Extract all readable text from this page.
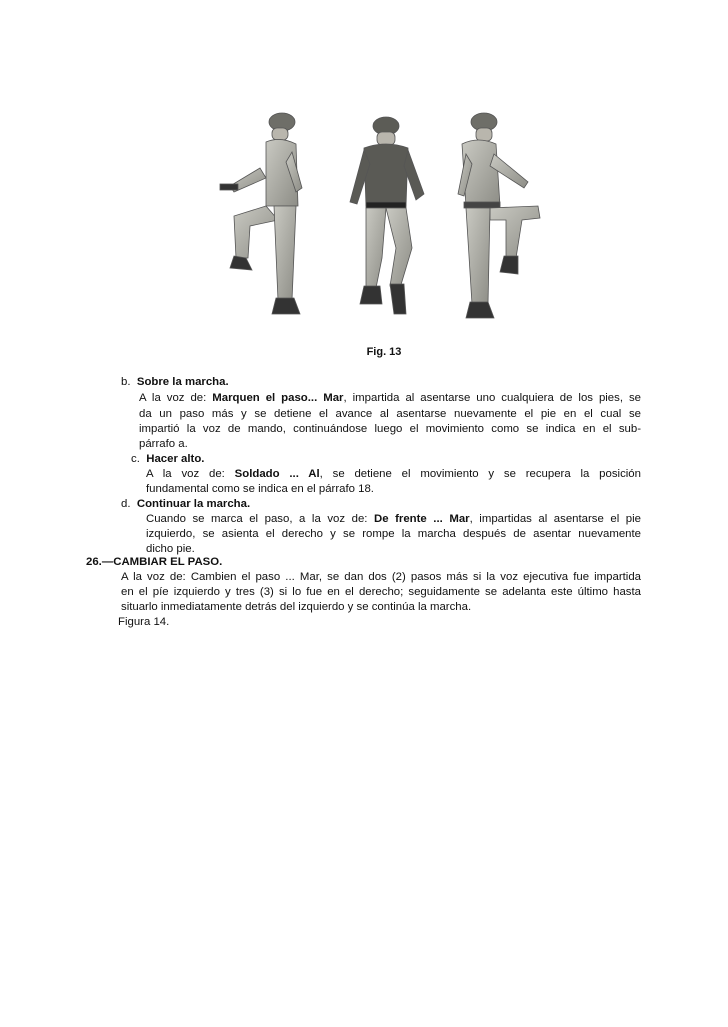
Fig. 13
b. Sobre la marcha.
A la voz de: Marquen el paso... Mar, impartida al asentarse uno cualquiera de los pies, se
da un paso más y se detiene el avance al asentarse nuevamente el pie en el cual se
impartió la voz de mando, continuándose luego el movimiento como se indica en el sub-
párrafo a.
c. Hacer alto.
A la voz de: Soldado ... Al, se detiene el movimiento y se recupera la posición
fundamental como se indica en el párrafo 18.
d. Continuar la marcha.
Cuando se marca el paso, a la voz de: De frente ... Mar, impartidas al asentarse el pie
izquierdo, se asienta el derecho y se rompe la marcha después de asentar nuevamente
dicho pie.
26.—CAMBIAR EL PASO.
A la voz de: Cambien el paso ... Mar, se dan dos (2) pasos más si la voz ejecutiva fue impartida
en el píe izquierdo y tres (3) si lo fue en el derecho; seguidamente se adelanta este último hasta
situarlo inmediatamente detrás del izquierdo y se continúa la marcha.
Figura 14.
